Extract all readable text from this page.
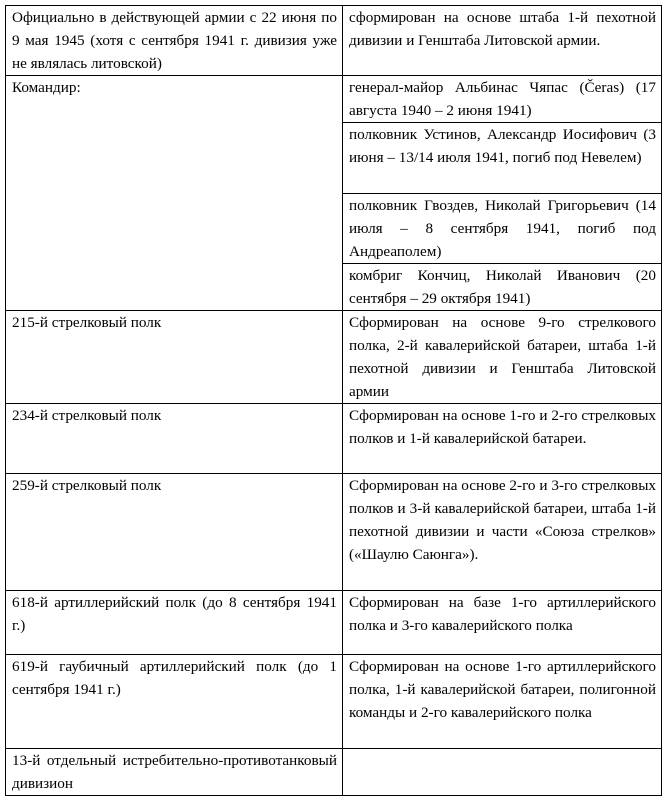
Официально в действующей армии с 22 июня по 9 мая 1945 (хотя с сентября 1941 г. дивизия уже не являлась литовской)	сформирован на основе штаба 1-й пехотной дивизии и Генштаба Литовской армии.
Командир:	генерал-майор Альбинас Чяпас (Čeras) (17 августа 1940 – 2 июня 1941)
	полковник Устинов, Александр Иосифович (3 июня – 13/14 июля 1941, погиб под Невелем)
	полковник Гвоздев, Николай Григорьевич (14 июля – 8 сентября 1941, погиб под Андреаполем)
	комбриг Кончиц, Николай Иванович (20 сентября – 29 октября 1941)
215-й стрелковый полк	Сформирован на основе 9-го стрелкового полка, 2-й кавалерийской батареи, штаба 1-й пехотной дивизии и Генштаба Литовской армии
234-й стрелковый полк	Сформирован на основе 1-го и 2-го стрелковых полков и 1-й кавалерийской батареи.
259-й стрелковый полк	Сформирован на основе 2-го и 3-го стрелковых полков и 3-й кавалерийской батареи, штаба 1-й пехотной дивизии и части «Союза стрелков» («Шаулю Саюнга»).
618-й артиллерийский полк (до 8 сентября 1941 г.)	Сформирован на базе 1-го артиллерийского полка и 3-го кавалерийского полка
619-й гаубичный артиллерийский полк (до 1 сентября 1941 г.)	Сформирован на основе 1-го артиллерийского полка, 1-й кавалерийской батареи, полигонной команды и 2-го кавалерийского полка
13-й отдельный истребительно-противотанковый дивизион	
